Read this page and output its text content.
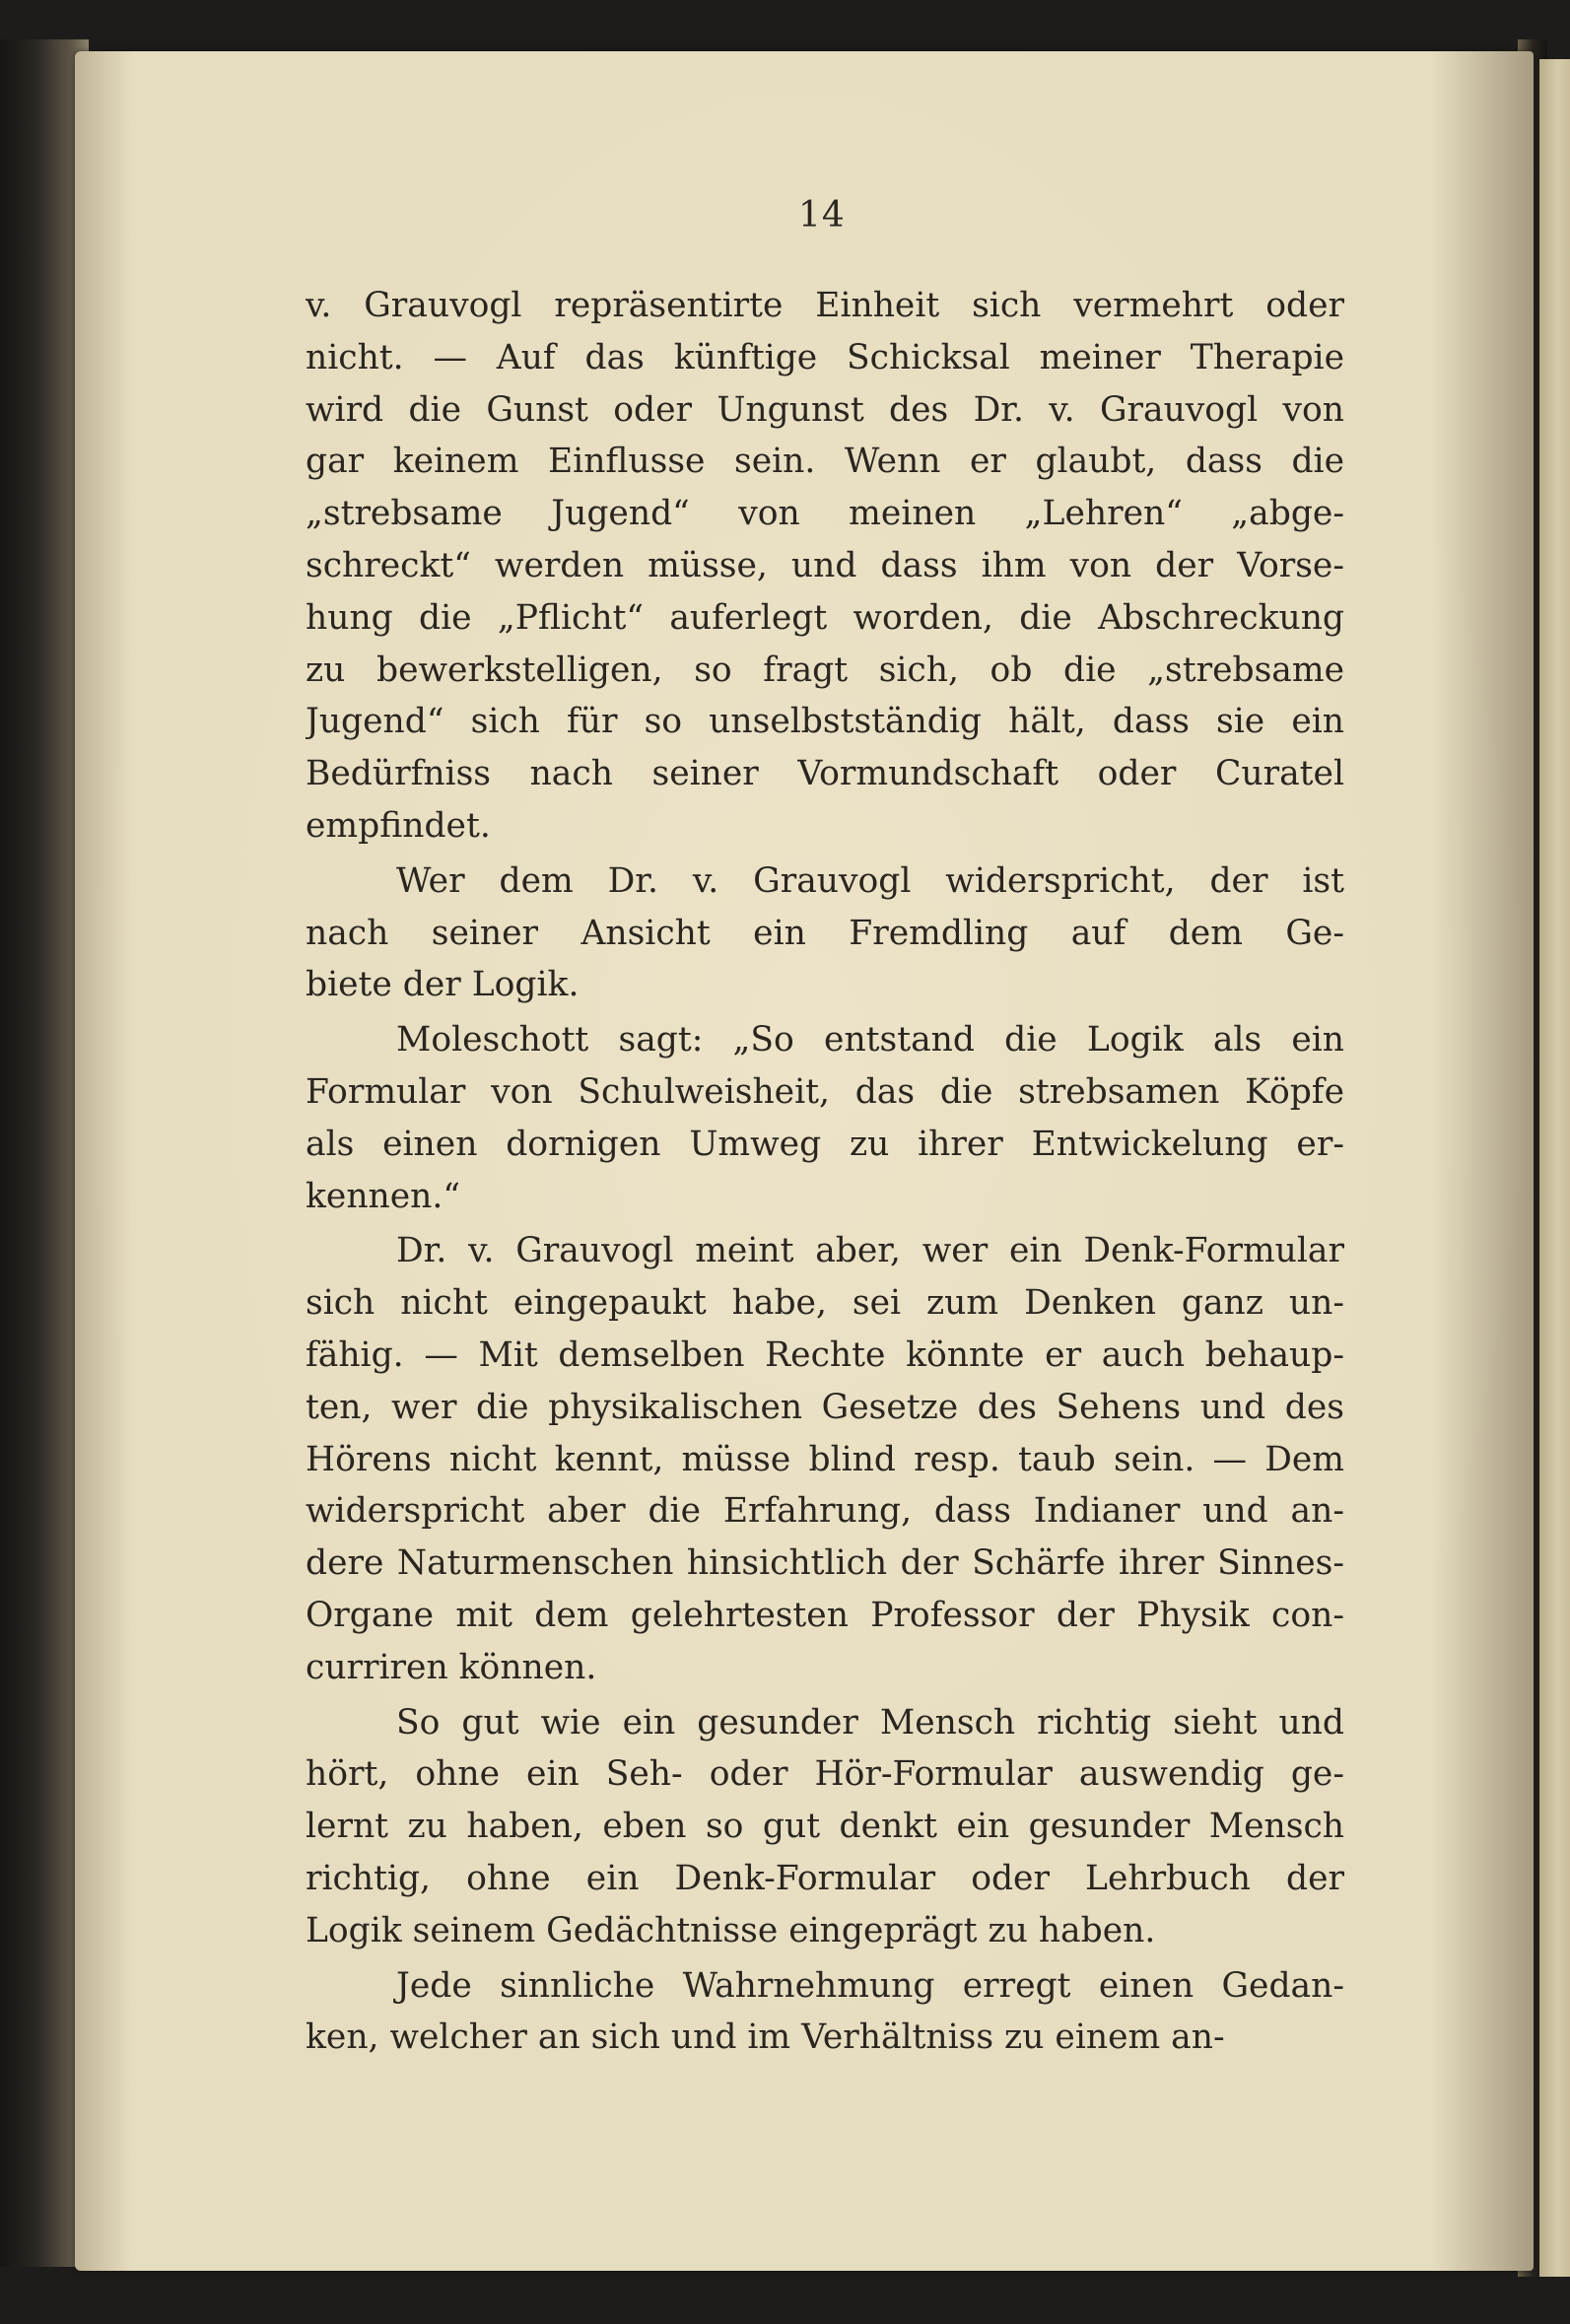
14
v. Grauvogl repräsentirte Einheit sich vermehrt oder
nicht. — Auf das künftige Schicksal meiner Therapie
wird die Gunst oder Ungunst des Dr. v. Grauvogl von
gar keinem Einflusse sein. Wenn er glaubt, dass die
„strebsame Jugend“ von meinen „Lehren“ „abge-
schreckt“ werden müsse, und dass ihm von der Vorse-
hung die „Pflicht“ auferlegt worden, die Abschreckung
zu bewerkstelligen, so fragt sich, ob die „strebsame
Jugend“ sich für so unselbstständig hält, dass sie ein
Bedürfniss nach seiner Vormundschaft oder Curatel
empfindet.
Wer dem Dr. v. Grauvogl widerspricht, der ist
nach seiner Ansicht ein Fremdling auf dem Ge-
biete der Logik.
Moleschott sagt: „So entstand die Logik als ein
Formular von Schulweisheit, das die strebsamen Köpfe
als einen dornigen Umweg zu ihrer Entwickelung er-
kennen.“
Dr. v. Grauvogl meint aber, wer ein Denk-Formular
sich nicht eingepaukt habe, sei zum Denken ganz un-
fähig. — Mit demselben Rechte könnte er auch behaup-
ten, wer die physikalischen Gesetze des Sehens und des
Hörens nicht kennt, müsse blind resp. taub sein. — Dem
widerspricht aber die Erfahrung, dass Indianer und an-
dere Naturmenschen hinsichtlich der Schärfe ihrer Sinnes-
Organe mit dem gelehrtesten Professor der Physik con-
curriren können.
So gut wie ein gesunder Mensch richtig sieht und
hört, ohne ein Seh- oder Hör-Formular auswendig ge-
lernt zu haben, eben so gut denkt ein gesunder Mensch
richtig, ohne ein Denk-Formular oder Lehrbuch der
Logik seinem Gedächtnisse eingeprägt zu haben.
Jede sinnliche Wahrnehmung erregt einen Gedan-
ken, welcher an sich und im Verhältniss zu einem an-
